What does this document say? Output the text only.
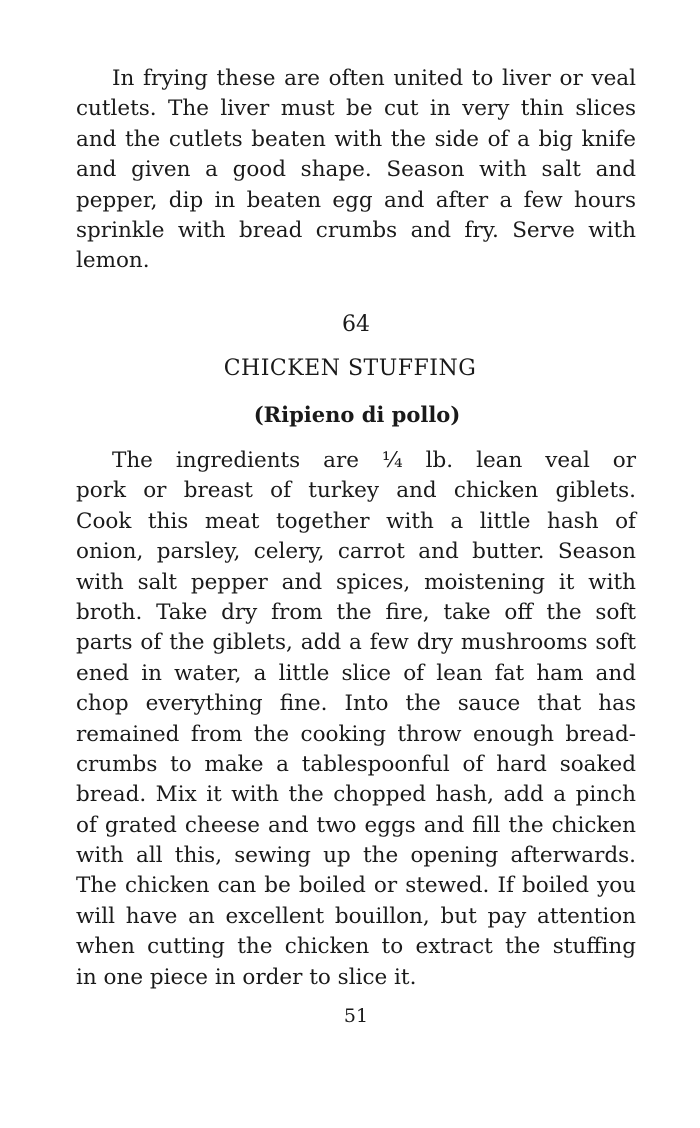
In frying these are often united to liver or veal
cutlets. The liver must be cut in very thin slices
and the cutlets beaten with the side of a big knife
and given a good shape. Season with salt and
pepper, dip in beaten egg and after a few hours
sprinkle with bread crumbs and fry. Serve with
lemon.
64
CHICKEN STUFFING
(Ripieno di pollo)
The ingredients are ¼ lb. lean veal or
pork or breast of turkey and chicken giblets.
Cook this meat together with a little hash of
onion, parsley, celery, carrot and butter. Season
with salt pepper and spices, moistening it with
broth. Take dry from the fire, take off the soft
parts of the giblets, add a few dry mushrooms soft
ened in water, a little slice of lean fat ham and
chop everything fine. Into the sauce that has
remained from the cooking throw enough bread-
crumbs to make a tablespoonful of hard soaked
bread. Mix it with the chopped hash, add a pinch
of grated cheese and two eggs and fill the chicken
with all this, sewing up the opening afterwards.
The chicken can be boiled or stewed. If boiled you
will have an excellent bouillon, but pay attention
when cutting the chicken to extract the stuffing
in one piece in order to slice it.
51
